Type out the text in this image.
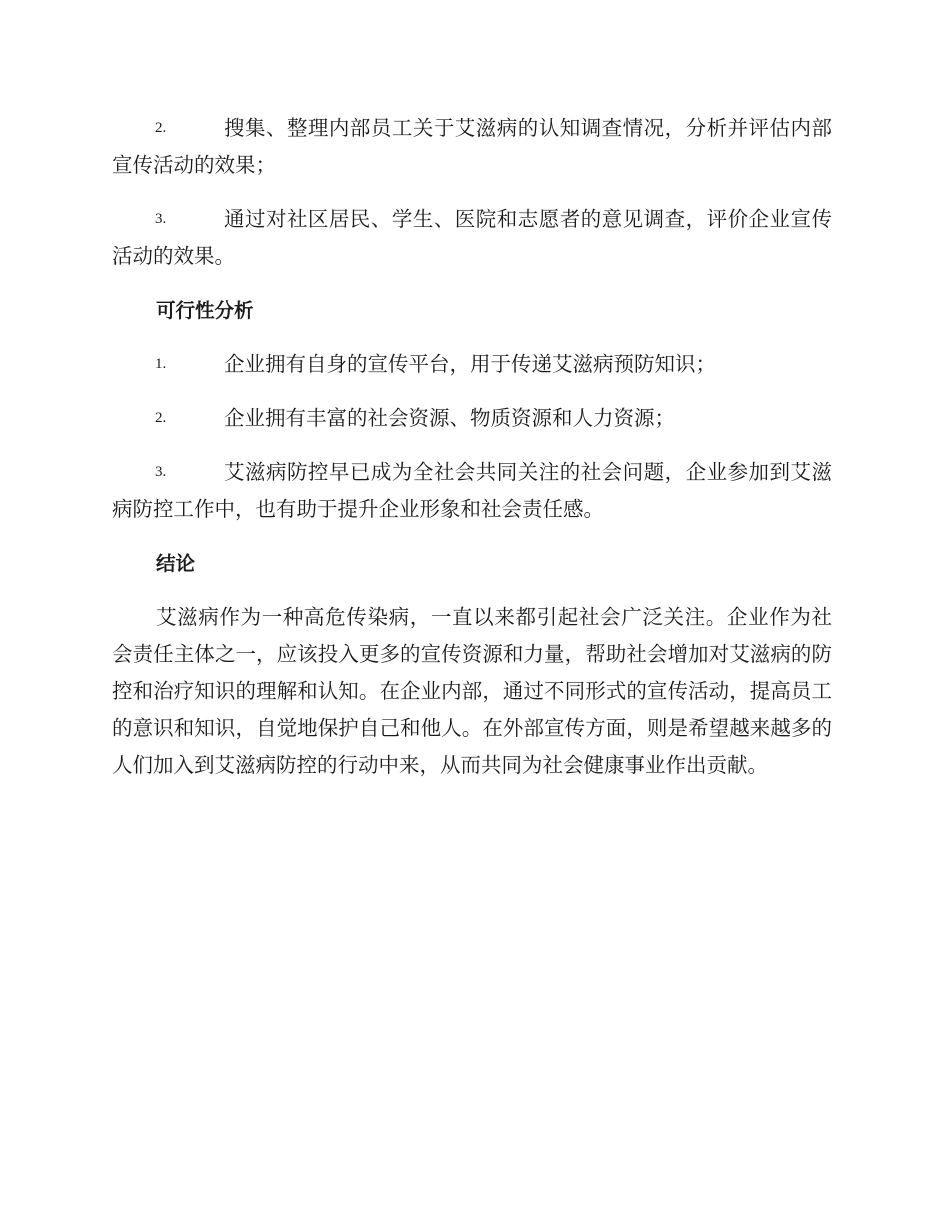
2.	搜集、整理内部员工关于艾滋病的认知调查情况，分析并评估内部宣传活动的效果；
3.	通过对社区居民、学生、医院和志愿者的意见调查，评价企业宣传活动的效果。
可行性分析
1.	企业拥有自身的宣传平台，用于传递艾滋病预防知识；
2.	企业拥有丰富的社会资源、物质资源和人力资源；
3.	艾滋病防控早已成为全社会共同关注的社会问题，企业参加到艾滋病防控工作中，也有助于提升企业形象和社会责任感。
结论

艾滋病作为一种高危传染病，一直以来都引起社会广泛关注。企业作为社会责任主体之一，应该投入更多的宣传资源和力量，帮助社会增加对艾滋病的防控和治疗知识的理解和认知。在企业内部，通过不同形式的宣传活动，提高员工的意识和知识，自觉地保护自己和他人。在外部宣传方面，则是希望越来越多的人们加入到艾滋病防控的行动中来，从而共同为社会健康事业作出贡献。
